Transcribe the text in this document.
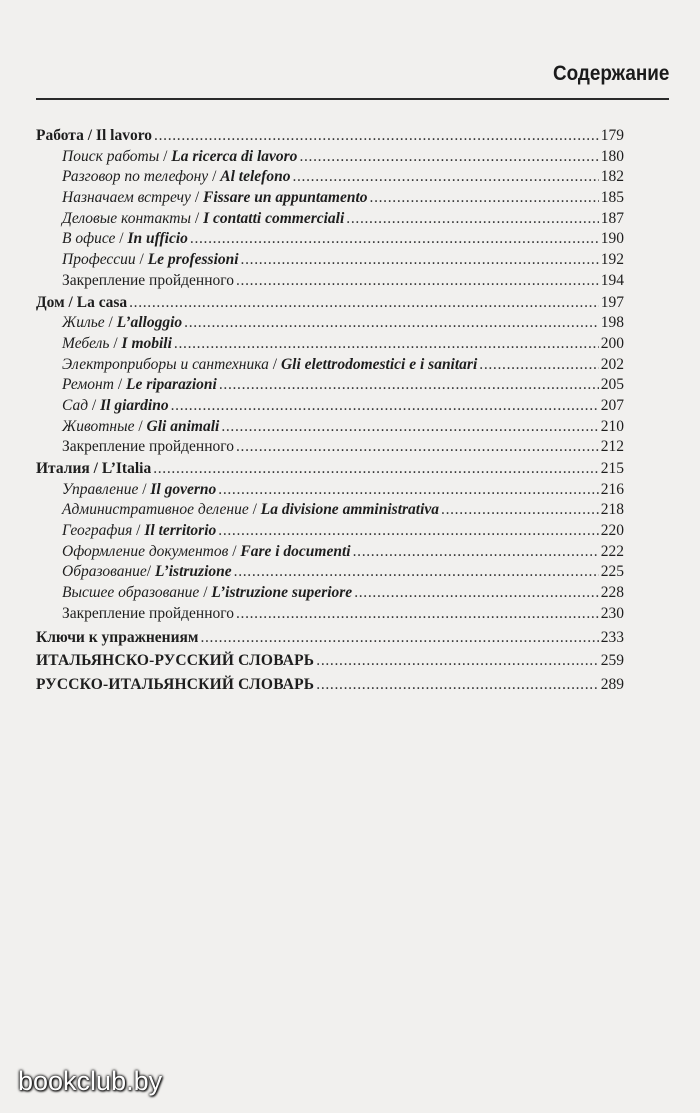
Содержание
Работа / Il lavoro . . .	179
Поиск работы / La ricerca di lavoro . . .	180
Разговор по телефону / Al telefono . . .	182
Назначаем встречу / Fissare un appuntamento . . .	185
Деловые контакты / I contatti commerciali . . .	187
В офисе / In ufficio . . .	190
Профессии / Le professioni . . .	192
Закрепление пройденного . . .	194
Дом / La casa . . .	197
Жилье / L’alloggio . . .	198
Мебель / I mobili . . .	200
Электроприборы и сантехника / Gli elettrodomestici e i sanitari . . .	202
Ремонт / Le riparazioni . . .	205
Сад / Il giardino . . .	207
Животные / Gli animali . . .	210
Закрепление пройденного . . .	212
Италия / L’Italia . . .	215
Управление / Il governo . . .	216
Административное деление / La divisione amministrativa . . .	218
География / Il territorio . . .	220
Оформление документов / Fare i documenti . . .	222
Образование/ L’istruzione . . .	225
Высшее образование / L’istruzione superiore . . .	228
Закрепление пройденного . . .	230
Ключи к упражнениям . . .	233
ИТАЛЬЯНСКО-РУССКИЙ СЛОВАРЬ . . .	259
РУССКО-ИТАЛЬЯНСКИЙ СЛОВАРЬ . . .	289
bookclub.by
